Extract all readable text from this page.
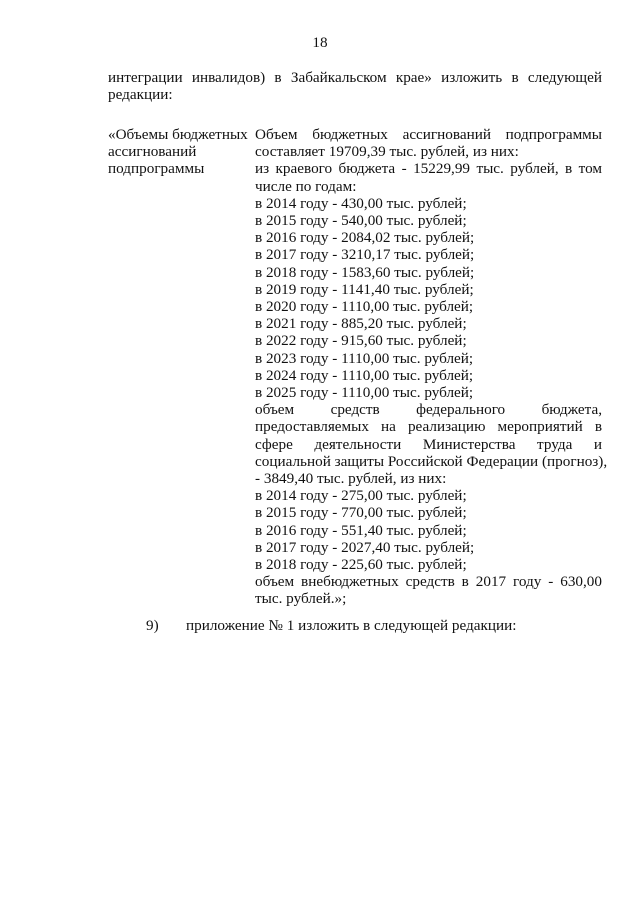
18
интеграции инвалидов) в Забайкальском крае» изложить в следующей
редакции:
«Объемы бюджетных
ассигнований
подпрограммы
Объем бюджетных ассигнований подпрограммы
составляет 19709,39 тыс. рублей, из них:
из краевого бюджета - 15229,99 тыс. рублей, в том
числе по годам:
в 2014 году - 430,00 тыс. рублей;
в 2015 году - 540,00 тыс. рублей;
в 2016 году - 2084,02 тыс. рублей;
в 2017 году - 3210,17 тыс. рублей;
в 2018 году - 1583,60 тыс. рублей;
в 2019 году - 1141,40 тыс. рублей;
в 2020 году - 1110,00 тыс. рублей;
в 2021 году - 885,20 тыс. рублей;
в 2022 году - 915,60 тыс. рублей;
в 2023 году - 1110,00 тыс. рублей;
в 2024 году - 1110,00 тыс. рублей;
в 2025 году - 1110,00 тыс. рублей;
объем средств федерального бюджета,
предоставляемых на реализацию мероприятий в
сфере деятельности Министерства труда и
социальной защиты Российской Федерации (прогноз),
- 3849,40 тыс. рублей, из них:
в 2014 году - 275,00 тыс. рублей;
в 2015 году - 770,00 тыс. рублей;
в 2016 году - 551,40 тыс. рублей;
в 2017 году - 2027,40 тыс. рублей;
в 2018 году - 225,60 тыс. рублей;
объем внебюджетных средств в 2017 году - 630,00
тыс. рублей.»;
9) приложение № 1 изложить в следующей редакции:
